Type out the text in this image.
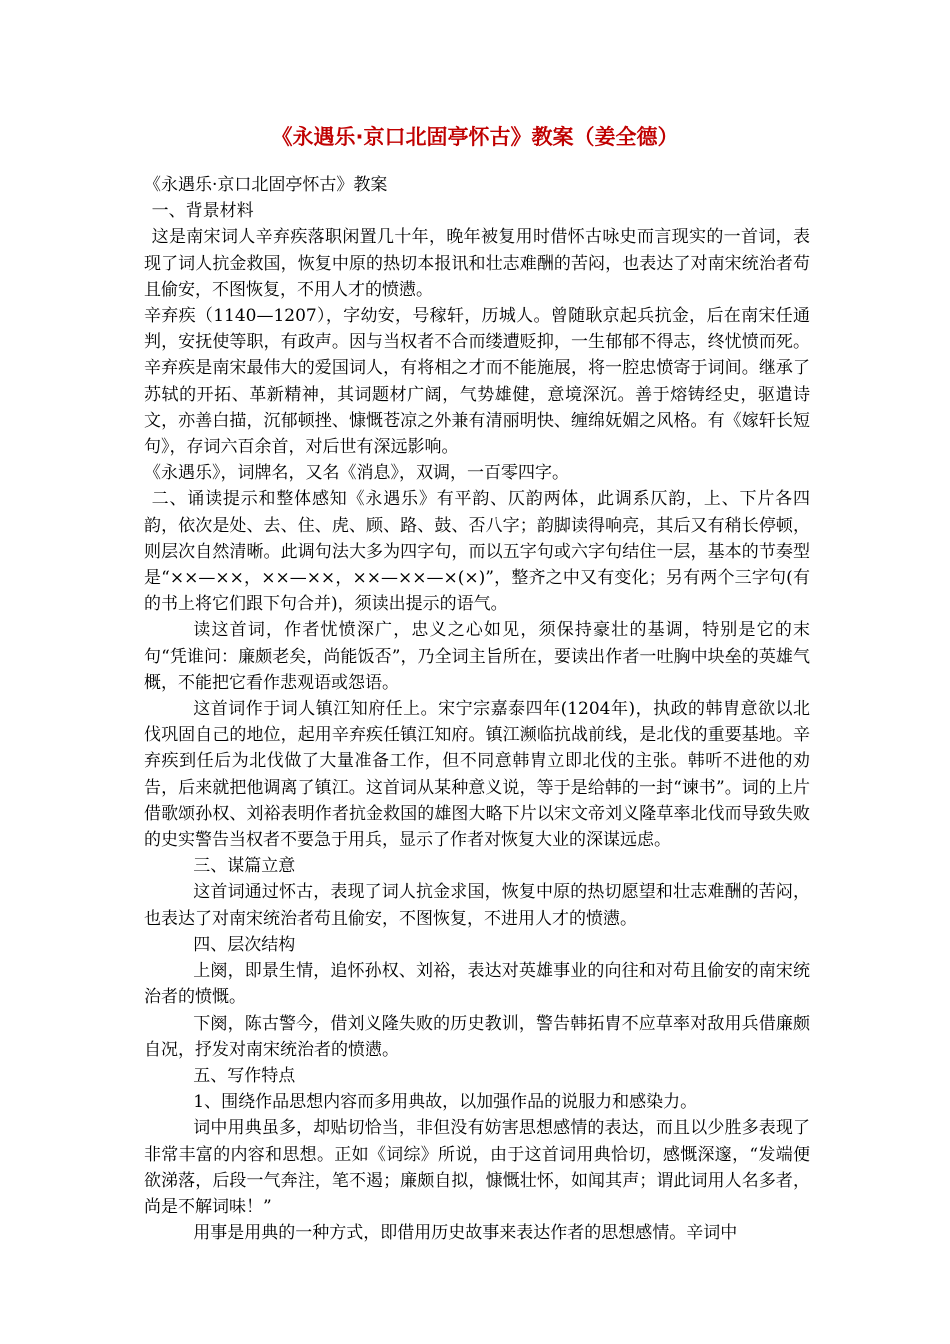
《永遇乐·京口北固亭怀古》教案（姜全德）

《永遇乐·京口北固亭怀古》教案

一、背景材料

这是南宋词人辛弃疾落职闲置几十年，晚年被复用时借怀古咏史而言现实的一首词，表现了词人抗金救国，恢复中原的热切本报讯和壮志难酬的苦闷，也表达了对南宋统治者苟且偷安，不图恢复，不用人才的愤懑。

辛弃疾（1140—1207），字幼安，号稼轩，历城人。曾随耿京起兵抗金，后在南宋任通判，安抚使等职，有政声。因与当权者不合而缕遭贬抑，一生郁郁不得志，终忧愤而死。辛弃疾是南宋最伟大的爱国词人，有将相之才而不能施展，将一腔忠愤寄于词间。继承了苏轼的开拓、革新精神，其词题材广阔，气势雄健，意境深沉。善于熔铸经史，驱遣诗文，亦善白描，沉郁顿挫、慷慨苍凉之外兼有清丽明快、缠绵妩媚之风格。有《嫁轩长短句》，存词六百余首，对后世有深远影响。

《永遇乐》，词牌名，又名《消息》，双调，一百零四字。

二、诵读提示和整体感知《永遇乐》有平韵、仄韵两体，此调系仄韵，上、下片各四韵，依次是处、去、住、虎、顾、路、鼓、否八字；韵脚读得响亮，其后又有稍长停顿，则层次自然清晰。此调句法大多为四字句，而以五字句或六字句结住一层，基本的节奏型是“××—××，××—××，××—××—×(×)”，整齐之中又有变化；另有两个三字句(有的书上将它们跟下句合并)，须读出提示的语气。

读这首词，作者忧愤深广，忠义之心如见，须保持豪壮的基调，特别是它的末句“凭谁问：廉颇老矣，尚能饭否”，乃全词主旨所在，要读出作者一吐胸中块垒的英雄气概，不能把它看作悲观语或怨语。

这首词作于词人镇江知府任上。宋宁宗嘉泰四年(1204年)，执政的韩胄意欲以北伐巩固自己的地位，起用辛弃疾任镇江知府。镇江濒临抗战前线，是北伐的重要基地。辛弃疾到任后为北伐做了大量准备工作，但不同意韩胄立即北伐的主张。韩听不进他的劝告，后来就把他调离了镇江。这首词从某种意义说，等于是给韩的一封“谏书”。词的上片借歌颂孙权、刘裕表明作者抗金救国的雄图大略下片以宋文帝刘义隆草率北伐而导致失败的史实警告当权者不要急于用兵，显示了作者对恢复大业的深谋远虑。

三、谋篇立意

这首词通过怀古，表现了词人抗金求国，恢复中原的热切愿望和壮志难酬的苦闷，也表达了对南宋统治者苟且偷安，不图恢复，不进用人才的愤懑。

四、层次结构

上阕，即景生情，追怀孙权、刘裕，表达对英雄事业的向往和对苟且偷安的南宋统治者的愤慨。

下阕，陈古警今，借刘义隆失败的历史教训，警告韩拓胄不应草率对敌用兵借廉颇自况，抒发对南宋统治者的愤懑。

五、写作特点

1、围绕作品思想内容而多用典故，以加强作品的说服力和感染力。

词中用典虽多，却贴切恰当，非但没有妨害思想感情的表达，而且以少胜多表现了非常丰富的内容和思想。正如《词综》所说，由于这首词用典恰切，感慨深邃，“发端便欲涕落，后段一气奔注，笔不遏；廉颇自拟，慷慨壮怀，如闻其声；谓此词用人名多者，尚是不解词味！”

用事是用典的一种方式，即借用历史故事来表达作者的思想感情。辛词中
